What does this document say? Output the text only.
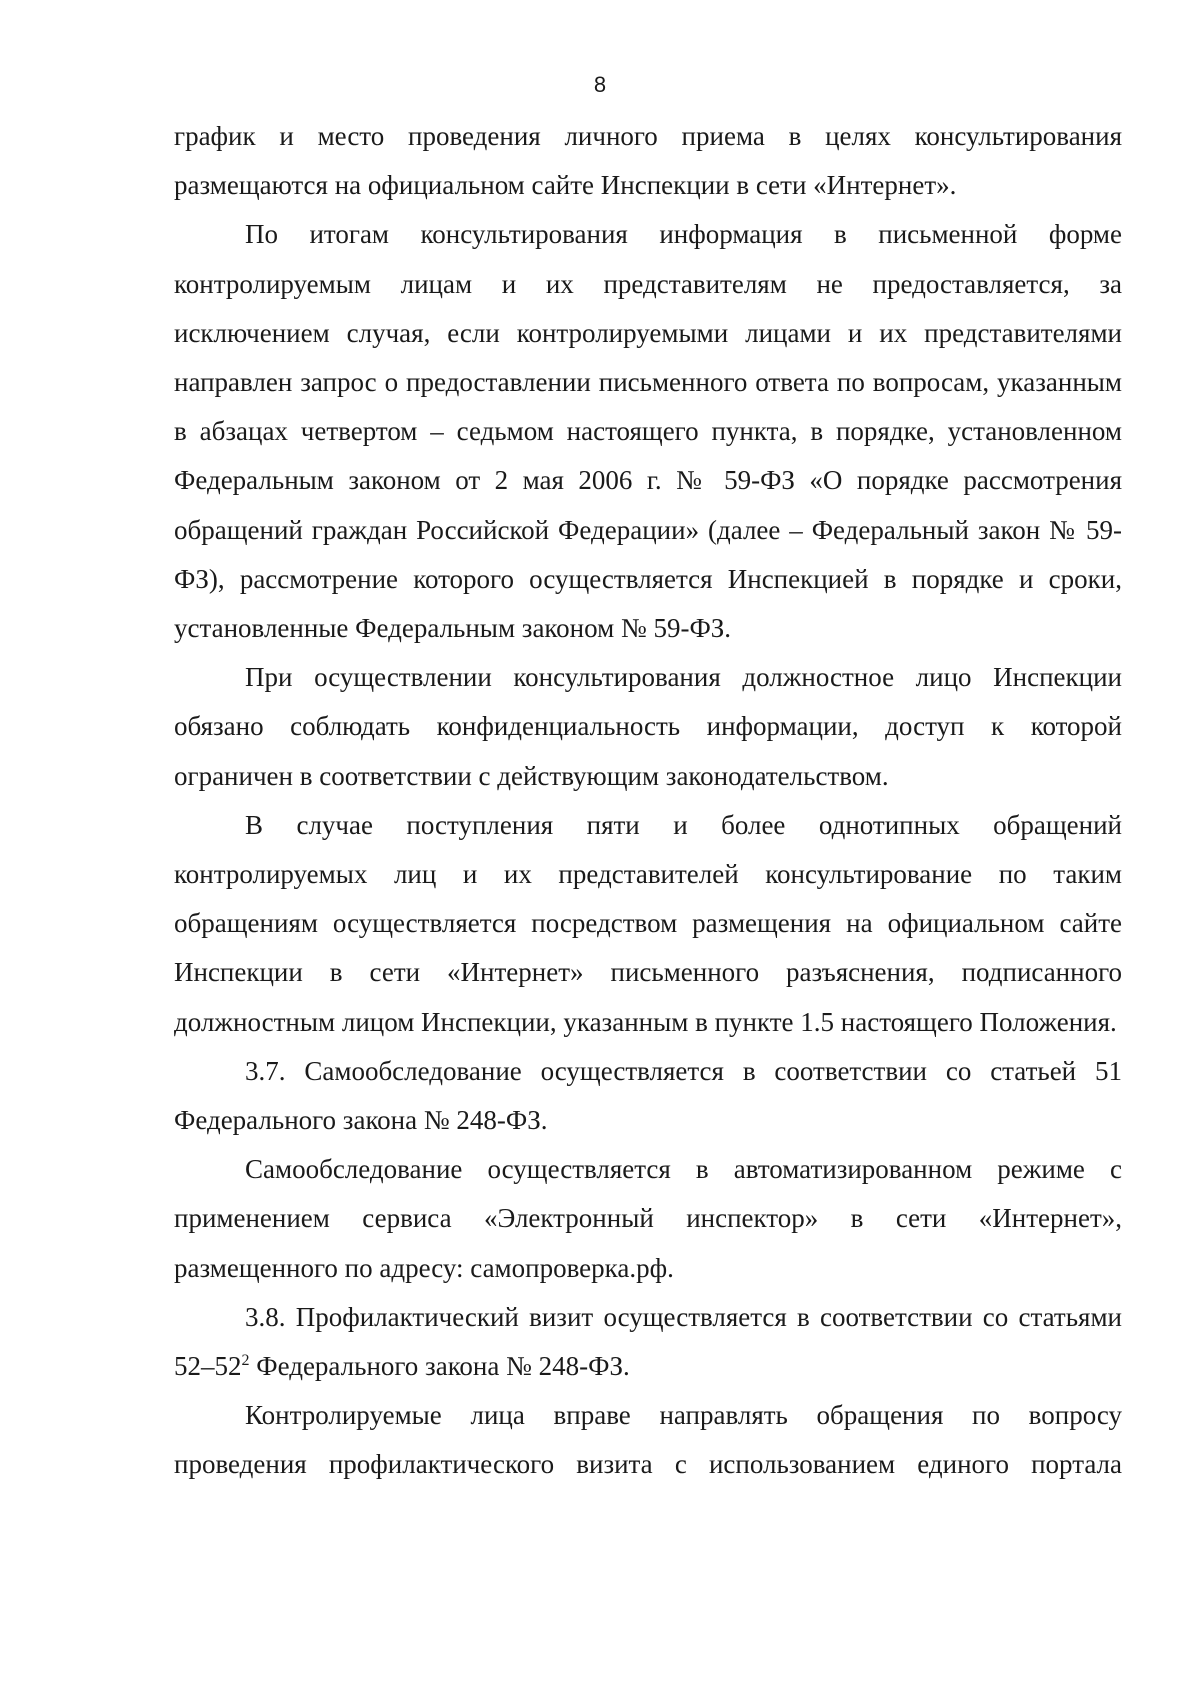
8

график и место проведения личного приема в целях консультирования размещаются на официальном сайте Инспекции в сети «Интернет».

По итогам консультирования информация в письменной форме контролируемым лицам и их представителям не предоставляется, за исключением случая, если контролируемыми лицами и их представителями направлен запрос о предоставлении письменного ответа по вопросам, указанным в абзацах четвертом – седьмом настоящего пункта, в порядке, установленном Федеральным законом от 2 мая 2006 г. № 59-ФЗ «О порядке рассмотрения обращений граждан Российской Федерации» (далее – Федеральный закон № 59-ФЗ), рассмотрение которого осуществляется Инспекцией в порядке и сроки, установленные Федеральным законом № 59-ФЗ.

При осуществлении консультирования должностное лицо Инспекции обязано соблюдать конфиденциальность информации, доступ к которой ограничен в соответствии с действующим законодательством.

В случае поступления пяти и более однотипных обращений контролируемых лиц и их представителей консультирование по таким обращениям осуществляется посредством размещения на официальном сайте Инспекции в сети «Интернет» письменного разъяснения, подписанного должностным лицом Инспекции, указанным в пункте 1.5 настоящего Положения.

3.7. Самообследование осуществляется в соответствии со статьей 51 Федерального закона № 248-ФЗ.

Самообследование осуществляется в автоматизированном режиме с применением сервиса «Электронный инспектор» в сети «Интернет», размещенного по адресу: самопроверка.рф.

3.8. Профилактический визит осуществляется в соответствии со статьями $52-52^2$ Федерального закона № 248-ФЗ.

Контролируемые лица вправе направлять обращения по вопросу проведения профилактического визита с использованием единого портала
